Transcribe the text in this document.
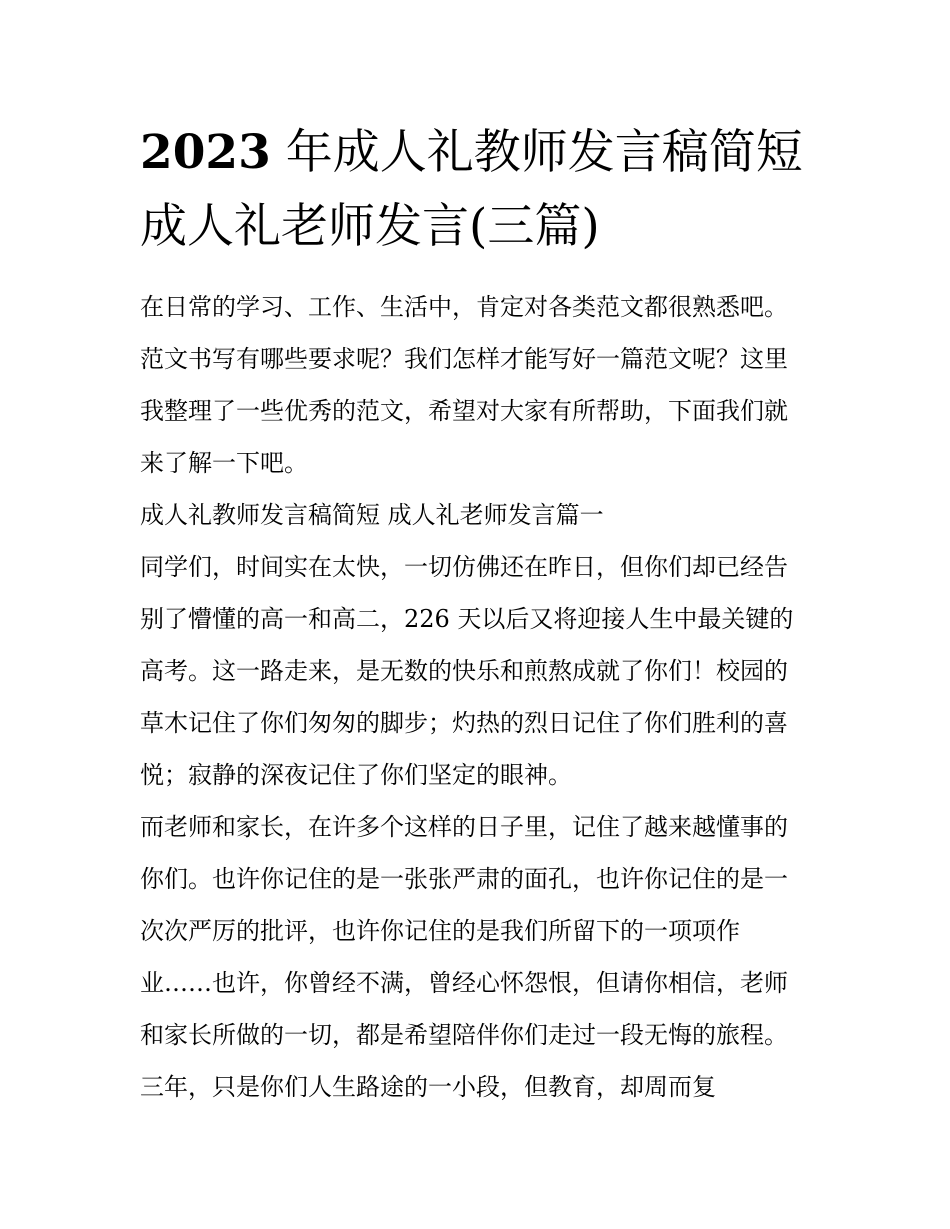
2023 年成人礼教师发言稿简短
成人礼老师发言(三篇)
在日常的学习、工作、生活中，肯定对各类范文都很熟悉吧。
范文书写有哪些要求呢？我们怎样才能写好一篇范文呢？这里
我整理了一些优秀的范文，希望对大家有所帮助，下面我们就
来了解一下吧。
成人礼教师发言稿简短 成人礼老师发言篇一
同学们，时间实在太快，一切仿佛还在昨日，但你们却已经告
别了懵懂的高一和高二，226 天以后又将迎接人生中最关键的
高考。这一路走来，是无数的快乐和煎熬成就了你们！校园的
草木记住了你们匆匆的脚步；灼热的烈日记住了你们胜利的喜
悦；寂静的深夜记住了你们坚定的眼神。
而老师和家长，在许多个这样的日子里，记住了越来越懂事的
你们。也许你记住的是一张张严肃的面孔，也许你记住的是一
次次严厉的批评，也许你记住的是我们所留下的一项项作
业……也许，你曾经不满，曾经心怀怨恨，但请你相信，老师
和家长所做的一切，都是希望陪伴你们走过一段无悔的旅程。
三年，只是你们人生路途的一小段，但教育，却周而复
